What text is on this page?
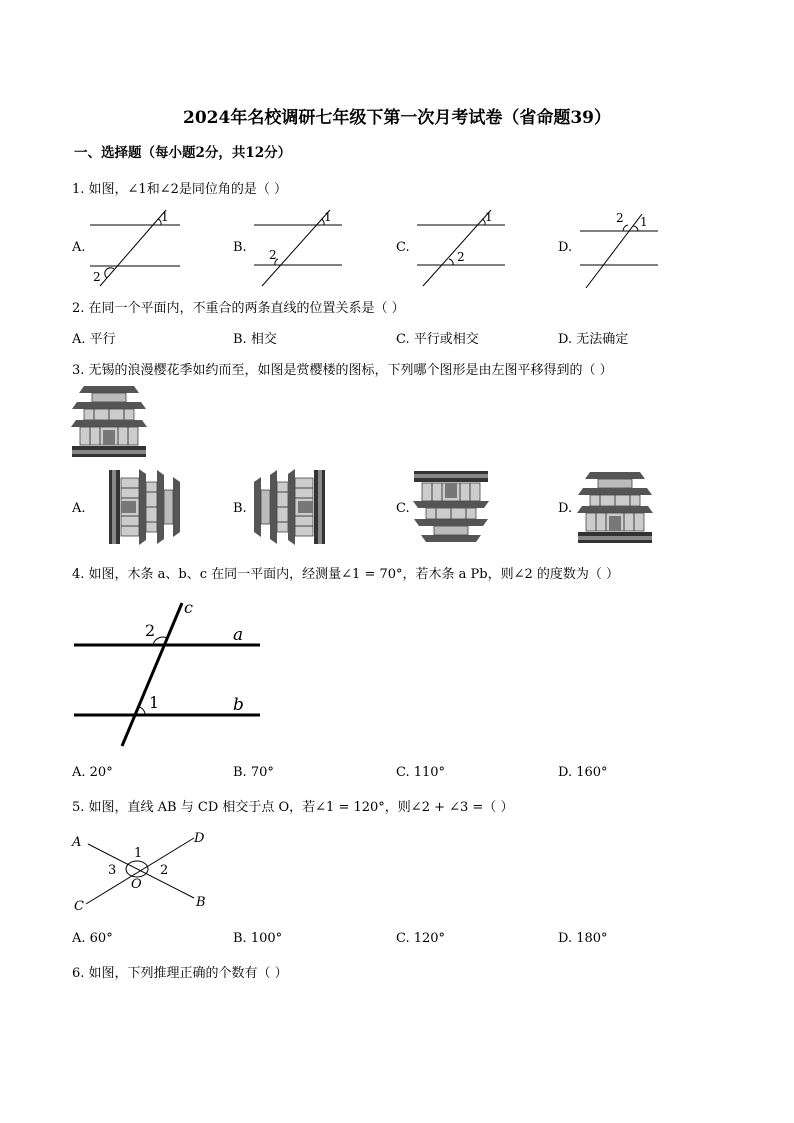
2024年名校调研七年级下第一次月考试卷（省命题39）
一、选择题（每小题2分，共12分）
1. 如图，∠1和∠2是同位角的是（ ）
A.
1
2
B.
1
2	C.
1
2
D.
1
2
2. 在同一个平面内，不重合的两条直线的位置关系是（ ）
A. 平行	B. 相交	C. 平行或相交	D. 无法确定
3. 无锡的浪漫樱花季如约而至，如图是赏樱楼的图标，下列哪个图形是由左图平移得到的（ ）
A.	B.	C.	D.
4. 如图，木条 a、b、c 在同一平面内，经测量∠1 = 70°，若木条 a Pb，则∠2 的度数为（ ）
c
a
b
2
1
A. 20°	B. 70°	C. 110°	D. 160°
5. 如图，直线 AB 与 CD 相交于点 O，若∠1 = 120°，则∠2 + ∠3 =（ ）
A	D
C	B
O
1
2
3
A. 60°	B. 100°	C. 120°	D. 180°
6. 如图，下列推理正确的个数有（ ）
